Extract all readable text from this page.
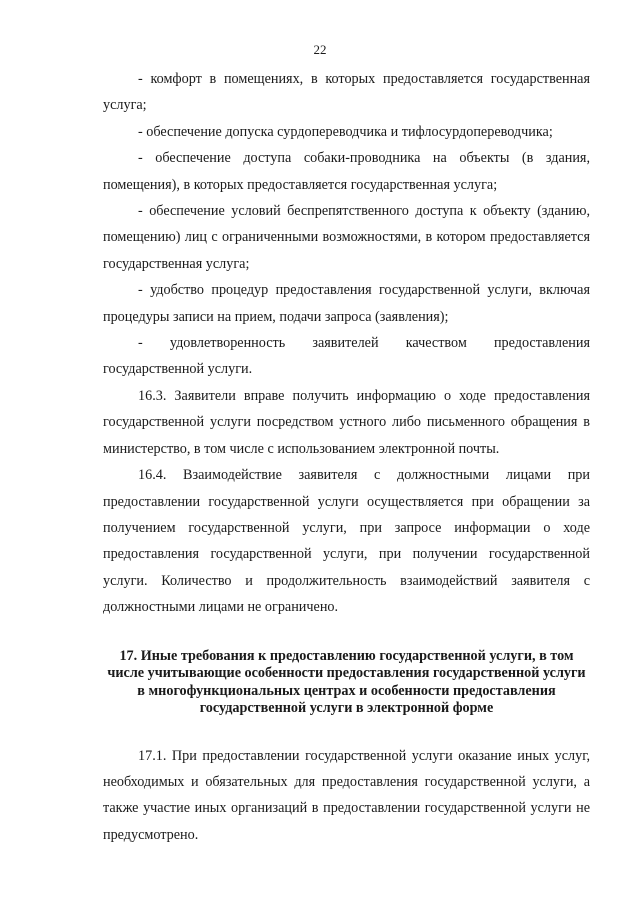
22

- комфорт в помещениях, в которых предоставляется государственная услуга;

- обеспечение допуска сурдопереводчика и тифлосурдопереводчика;

- обеспечение доступа собаки-проводника на объекты (в здания, помещения), в которых предоставляется государственная услуга;

- обеспечение условий беспрепятственного доступа к объекту (зданию, помещению) лиц с ограниченными возможностями, в котором предоставляется государственная услуга;

- удобство процедур предоставления государственной услуги, включая процедуры записи на прием, подачи запроса (заявления);

- удовлетворенность заявителей качеством предоставления государственной услуги.

16.3. Заявители вправе получить информацию о ходе предоставления государственной услуги посредством устного либо письменного обращения в министерство, в том числе с использованием электронной почты.

16.4. Взаимодействие заявителя с должностными лицами при предоставлении государственной услуги осуществляется при обращении за получением государственной услуги, при запросе информации о ходе предоставления государственной услуги, при получении государственной услуги. Количество и продолжительность взаимодействий заявителя с должностными лицами не ограничено.

17. Иные требования к предоставлению государственной услуги, в том числе учитывающие особенности предоставления государственной услуги в многофункциональных центрах и особенности предоставления государственной услуги в электронной форме

17.1. При предоставлении государственной услуги оказание иных услуг, необходимых и обязательных для предоставления государственной услуги, а также участие иных организаций в предоставлении государственной услуги не предусмотрено.
